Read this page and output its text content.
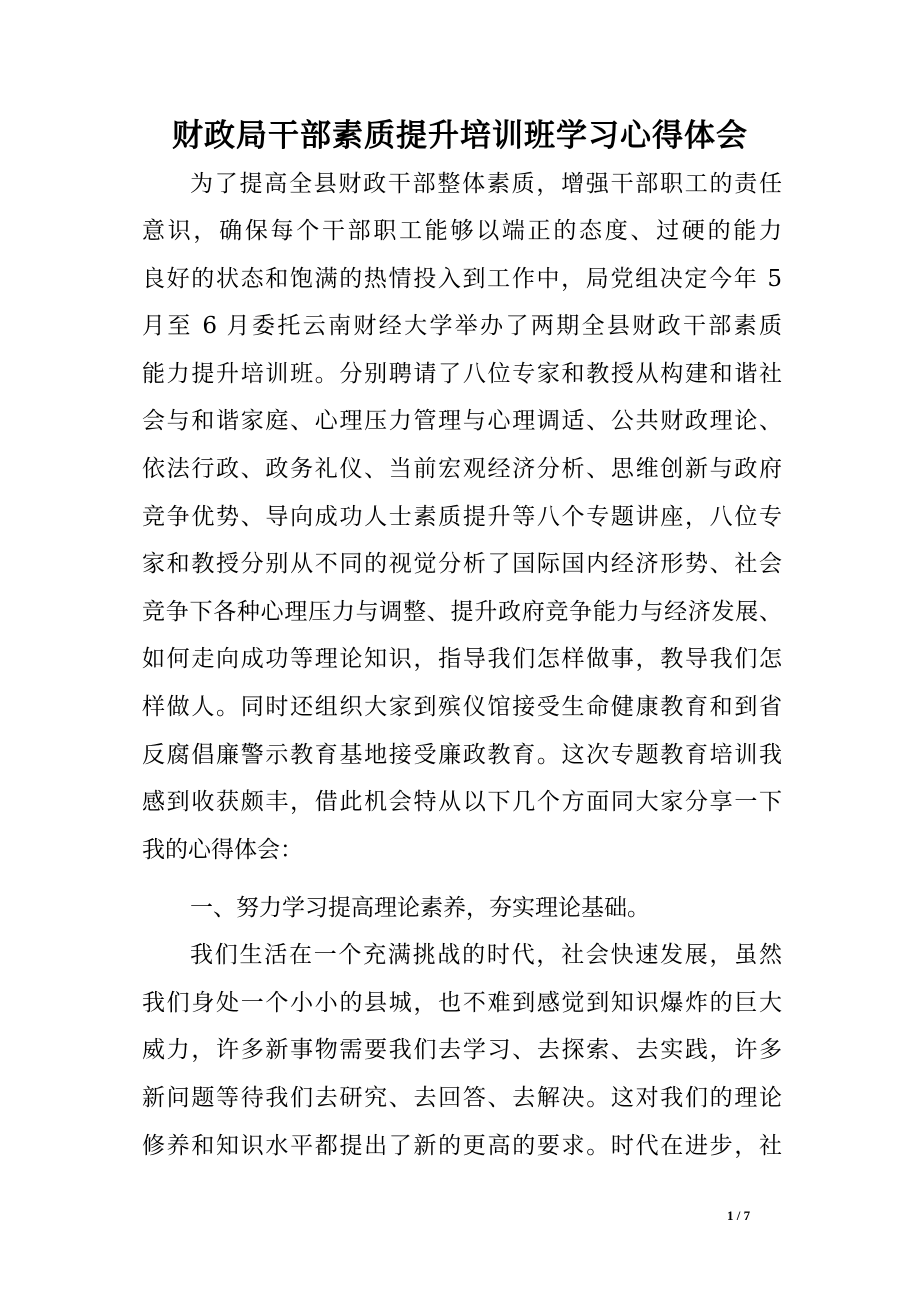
财政局干部素质提升培训班学习心得体会
为了提高全县财政干部整体素质，增强干部职工的责任
意识，确保每个干部职工能够以端正的态度、过硬的能力
良好的状态和饱满的热情投入到工作中，局党组决定今年 5
月至 6 月委托云南财经大学举办了两期全县财政干部素质
能力提升培训班。分别聘请了八位专家和教授从构建和谐社
会与和谐家庭、心理压力管理与心理调适、公共财政理论、
依法行政、政务礼仪、当前宏观经济分析、思维创新与政府
竞争优势、导向成功人士素质提升等八个专题讲座，八位专
家和教授分别从不同的视觉分析了国际国内经济形势、社会
竞争下各种心理压力与调整、提升政府竞争能力与经济发展、
如何走向成功等理论知识，指导我们怎样做事，教导我们怎
样做人。同时还组织大家到殡仪馆接受生命健康教育和到省
反腐倡廉警示教育基地接受廉政教育。这次专题教育培训我
感到收获颇丰，借此机会特从以下几个方面同大家分享一下
我的心得体会：
一、努力学习提高理论素养，夯实理论基础。
我们生活在一个充满挑战的时代，社会快速发展，虽然
我们身处一个小小的县城，也不难到感觉到知识爆炸的巨大
威力，许多新事物需要我们去学习、去探索、去实践，许多
新问题等待我们去研究、去回答、去解决。这对我们的理论
修养和知识水平都提出了新的更高的要求。时代在进步，社
1 / 7
